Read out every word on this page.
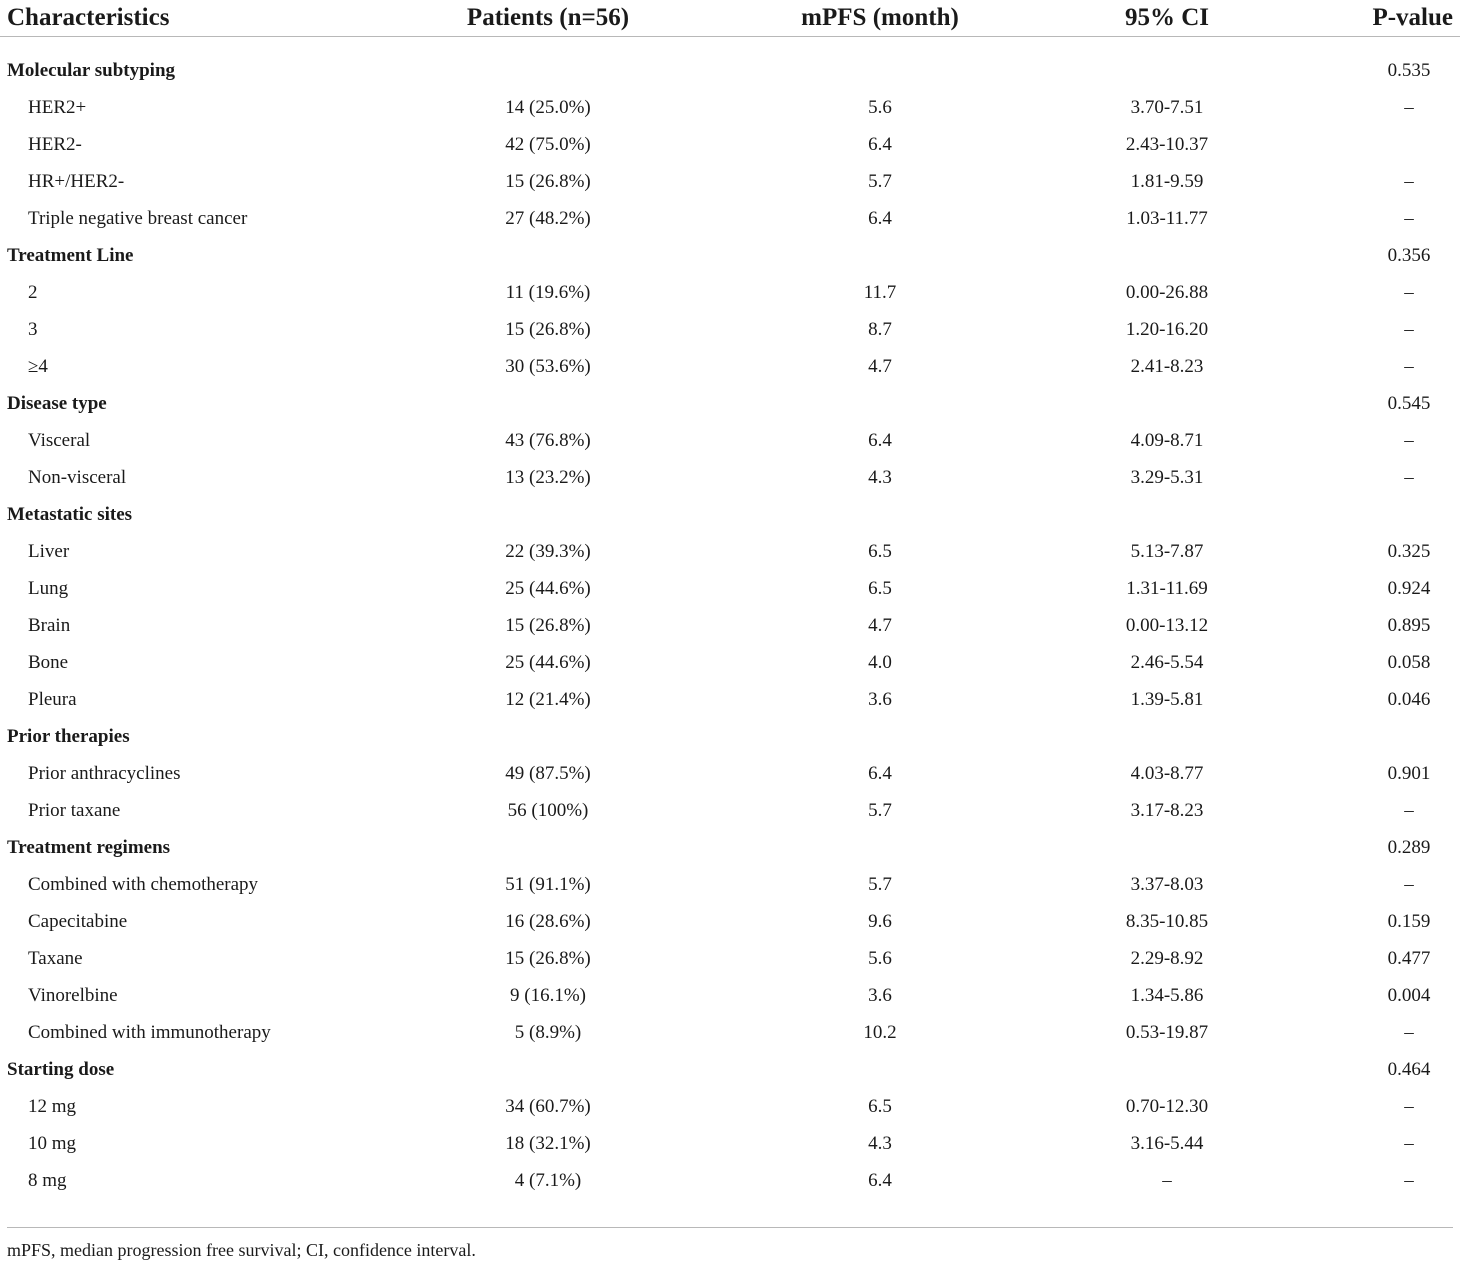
Characteristics	Patients (n=56)	mPFS (month)	95% CI	P-value

Molecular subtyping				0.535
HER2+	14 (25.0%)	5.6	3.70-7.51	–
HER2-	42 (75.0%)	6.4	2.43-10.37	
HR+/HER2-	15 (26.8%)	5.7	1.81-9.59	–
Triple negative breast cancer	27 (48.2%)	6.4	1.03-11.77	–
Treatment Line				0.356
2	11 (19.6%)	11.7	0.00-26.88	–
3	15 (26.8%)	8.7	1.20-16.20	–
≥4	30 (53.6%)	4.7	2.41-8.23	–
Disease type				0.545
Visceral	43 (76.8%)	6.4	4.09-8.71	–
Non-visceral	13 (23.2%)	4.3	3.29-5.31	–
Metastatic sites				
Liver	22 (39.3%)	6.5	5.13-7.87	0.325
Lung	25 (44.6%)	6.5	1.31-11.69	0.924
Brain	15 (26.8%)	4.7	0.00-13.12	0.895
Bone	25 (44.6%)	4.0	2.46-5.54	0.058
Pleura	12 (21.4%)	3.6	1.39-5.81	0.046
Prior therapies				
Prior anthracyclines	49 (87.5%)	6.4	4.03-8.77	0.901
Prior taxane	56 (100%)	5.7	3.17-8.23	–
Treatment regimens				0.289
Combined with chemotherapy	51 (91.1%)	5.7	3.37-8.03	–
Capecitabine	16 (28.6%)	9.6	8.35-10.85	0.159
Taxane	15 (26.8%)	5.6	2.29-8.92	0.477
Vinorelbine	9 (16.1%)	3.6	1.34-5.86	0.004
Combined with immunotherapy	5 (8.9%)	10.2	0.53-19.87	–
Starting dose				0.464
12 mg	34 (60.7%)	6.5	0.70-12.30	–
10 mg	18 (32.1%)	4.3	3.16-5.44	–
8 mg	4 (7.1%)	6.4	–	–
mPFS, median progression free survival; CI, confidence interval.
